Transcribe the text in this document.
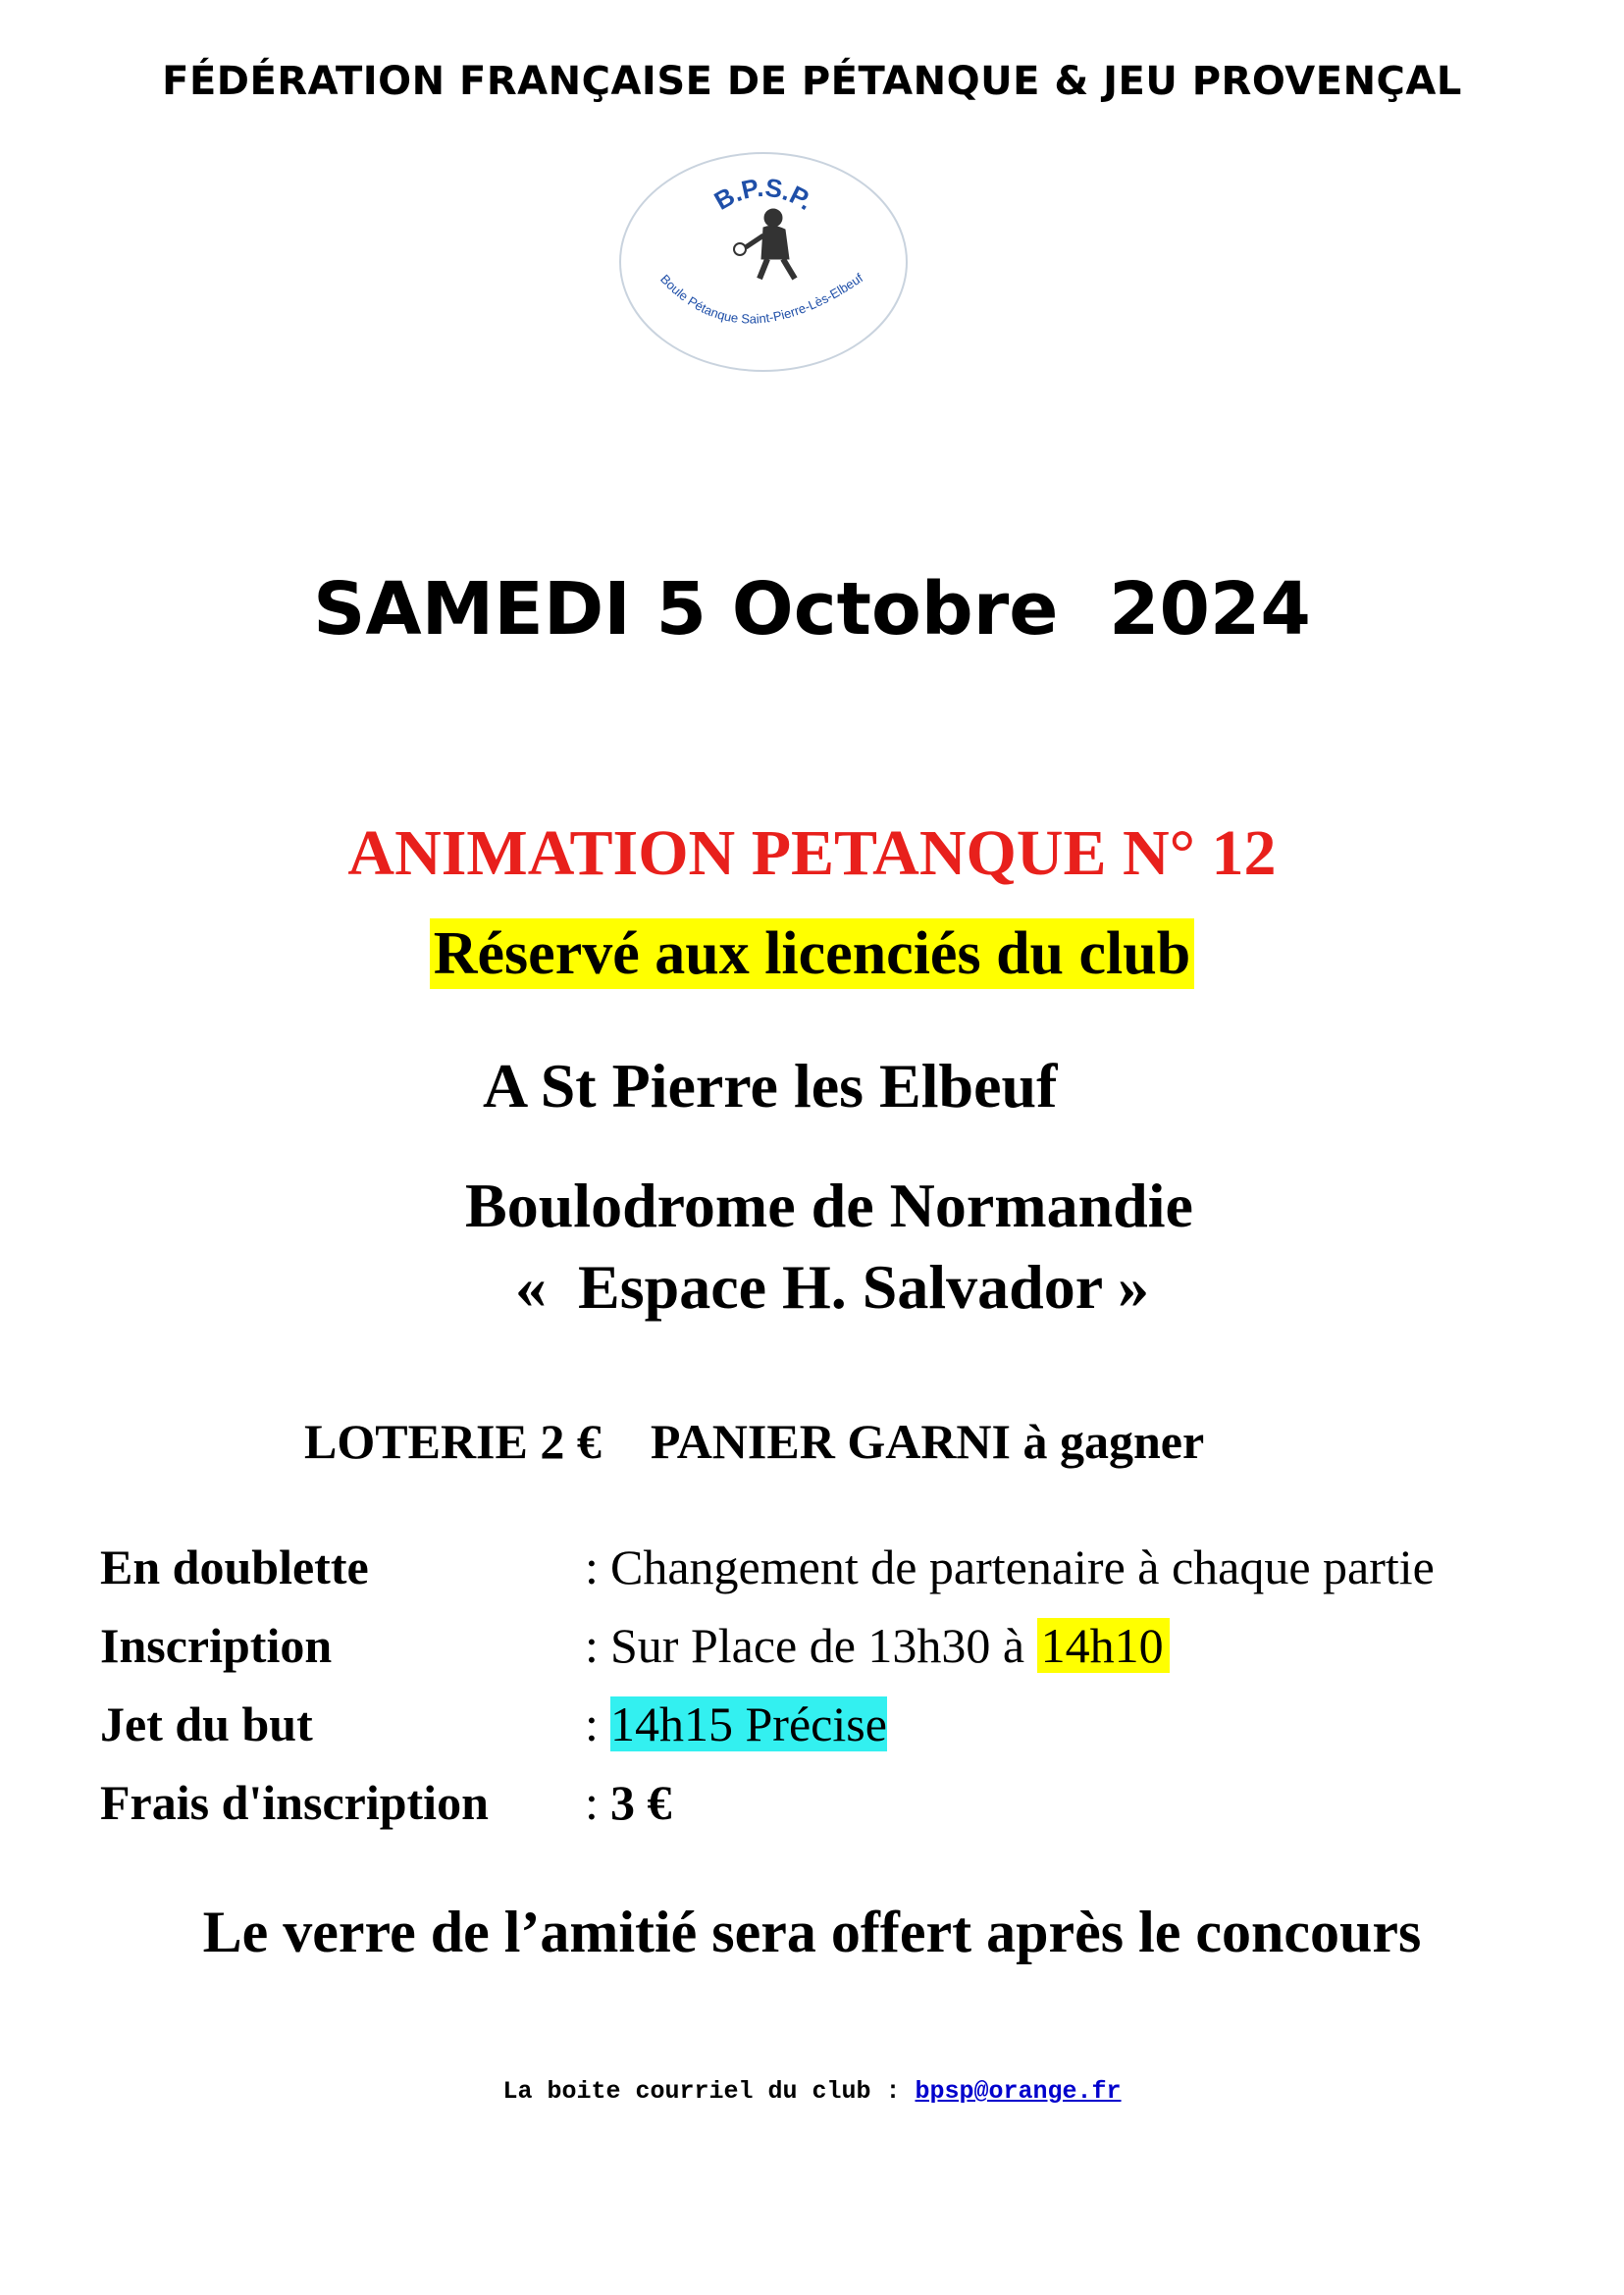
FÉDÉRATION FRANÇAISE DE PÉTANQUE & JEU PROVENÇAL
B.P.S.P.
Boule Pétanque Saint-Pierre-Lès-Elbeuf
SAMEDI 5 Octobre  2024
ANIMATION PETANQUE N° 12
Réservé aux licenciés du club
A St Pierre les Elbeuf
Boulodrome de Normandie
«  Espace H. Salvador »
LOTERIE 2 €    PANIER GARNI à gagner
En doublette	: Changement de partenaire à chaque partie
Inscription	: Sur Place de 13h30 à 14h10
Jet du but	: 14h15 Précise
Frais d'inscription : 3 €
Le verre de l’amitié sera offert après le concours
La boite courriel du club : bpsp@orange.fr
